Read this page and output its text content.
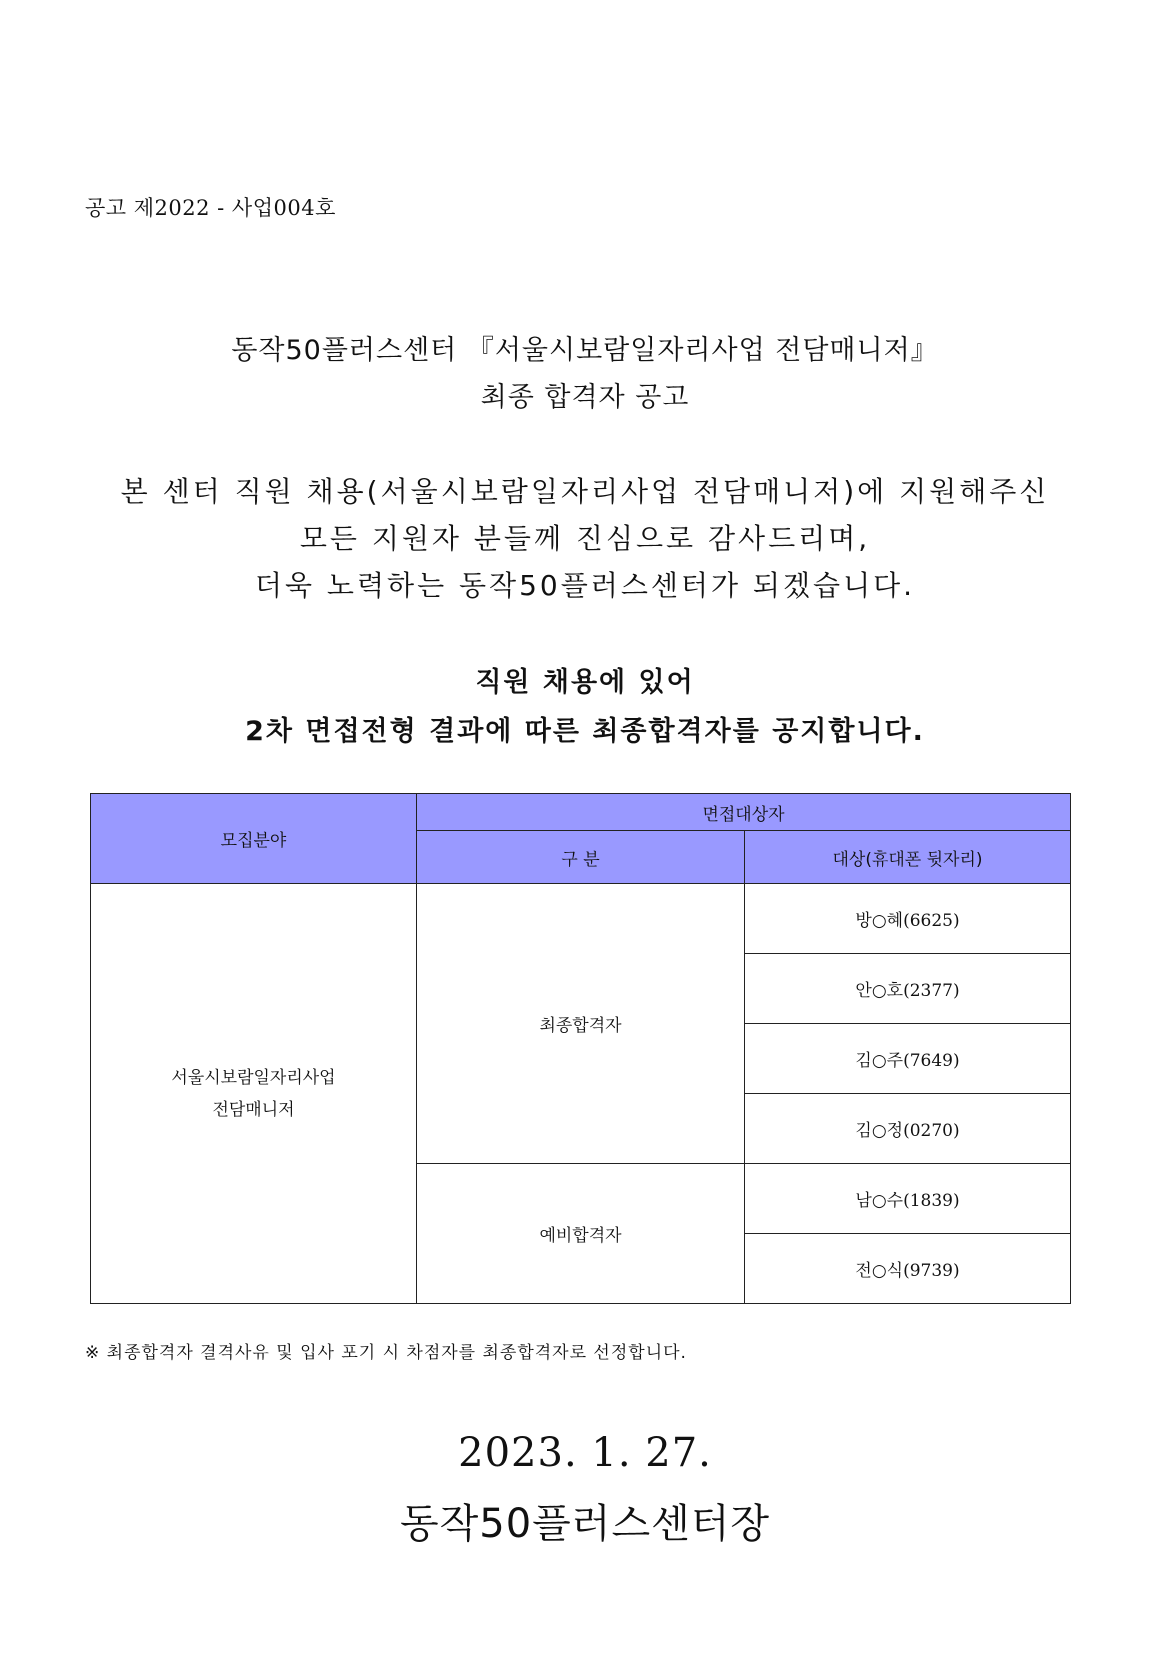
공고 제2022 - 사업004호
동작50플러스센터 『서울시보람일자리사업 전담매니저』
최종 합격자 공고
본 센터 직원 채용(서울시보람일자리사업 전담매니저)에 지원해주신
모든 지원자 분들께 진심으로 감사드리며,
더욱 노력하는 동작50플러스센터가 되겠습니다.
직원 채용에 있어
2차 면접전형 결과에 따른 최종합격자를 공지합니다.
모집분야	면접대상자	
	구 분	대상(휴대폰 뒷자리)

서울시보람일자리사업
전담매니저	최종합격자	방○혜(6625)
		안○호(2377)
		김○주(7649)
		김○정(0270)
	예비합격자	남○수(1839)
		전○식(9739)
※ 최종합격자 결격사유 및 입사 포기 시 차점자를 최종합격자로 선정합니다.
2023. 1. 27.
동작50플러스센터장
